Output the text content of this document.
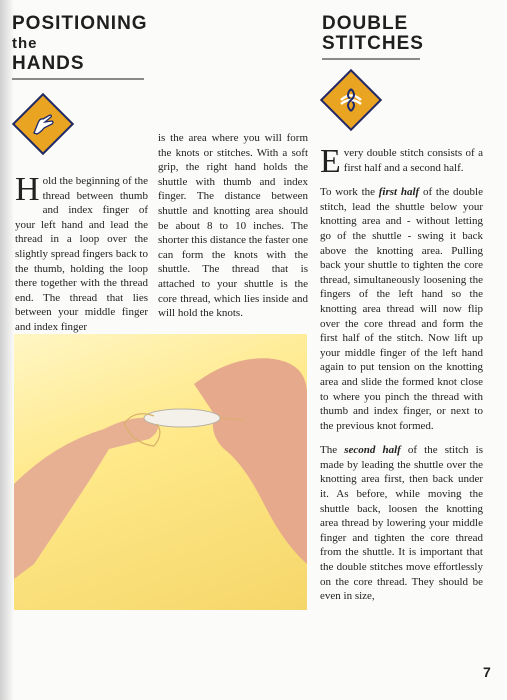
POSITIONING
the
HANDS

Hold the beginning of the thread between thumb and index finger of your left hand and lead the thread in a loop over the slightly spread fingers back to the thumb, holding the loop there together with the thread end. The thread that lies between your middle finger and index finger

is the area where you will form the knots or stitches. With a soft grip, the right hand holds the shuttle with thumb and index finger. The distance between shuttle and knotting area should be about 8 to 10 inches. The shorter this distance the faster one can form the knots with the shuttle. The thread that is attached to your shuttle is the core thread, which lies inside and will hold the knots.

DOUBLE
STITCHES

Every double stitch consists of a first half and a second half.

To work the first half of the double stitch, lead the shuttle below your knotting area and - without letting go of the shuttle - swing it back above the knotting area. Pulling back your shuttle to tighten the core thread, simultaneously loosening the fingers of the left hand so the knotting area thread will now flip over the core thread and form the first half of the stitch. Now lift up your middle finger of the left hand again to put tension on the knotting area and slide the formed knot close to where you pinch the thread with thumb and index finger, or next to the previous knot formed.

The second half of the stitch is made by leading the shuttle over the knotting area first, then back under it. As before, while moving the shuttle back, loosen the knotting area thread by lowering your middle finger and tighten the core thread from the shuttle. It is important that the double stitches move effortlessly on the core thread. They should be even in size,

7
